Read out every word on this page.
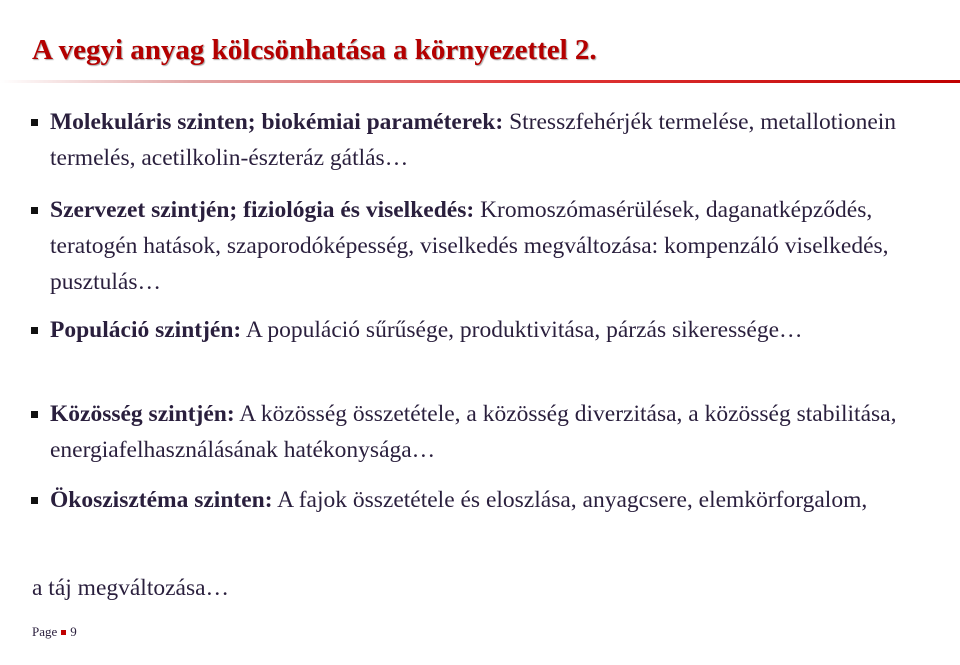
A vegyi anyag kölcsönhatása a környezettel 2.
Molekuláris szinten; biokémiai paraméterek: Stresszfehérjék termelése, metallotionein termelés, acetilkolin-észteráz gátlás…
Szervezet szintjén; fiziológia és viselkedés: Kromoszómasérülések, daganatképződés, teratogén hatások, szaporodóképesség, viselkedés megváltozása: kompenzáló viselkedés, pusztulás…
Populáció szintjén: A populáció sűrűsége, produktivitása, párzás sikeressége…
Közösség szintjén: A közösség összetétele, a közösség diverzitása, a közösség stabilitása, energiafelhasználásának hatékonysága…
Ökoszisztéma szinten: A fajok összetétele és eloszlása, anyagcsere, elemkörforgalom,
a táj megváltozása…
Page 9
